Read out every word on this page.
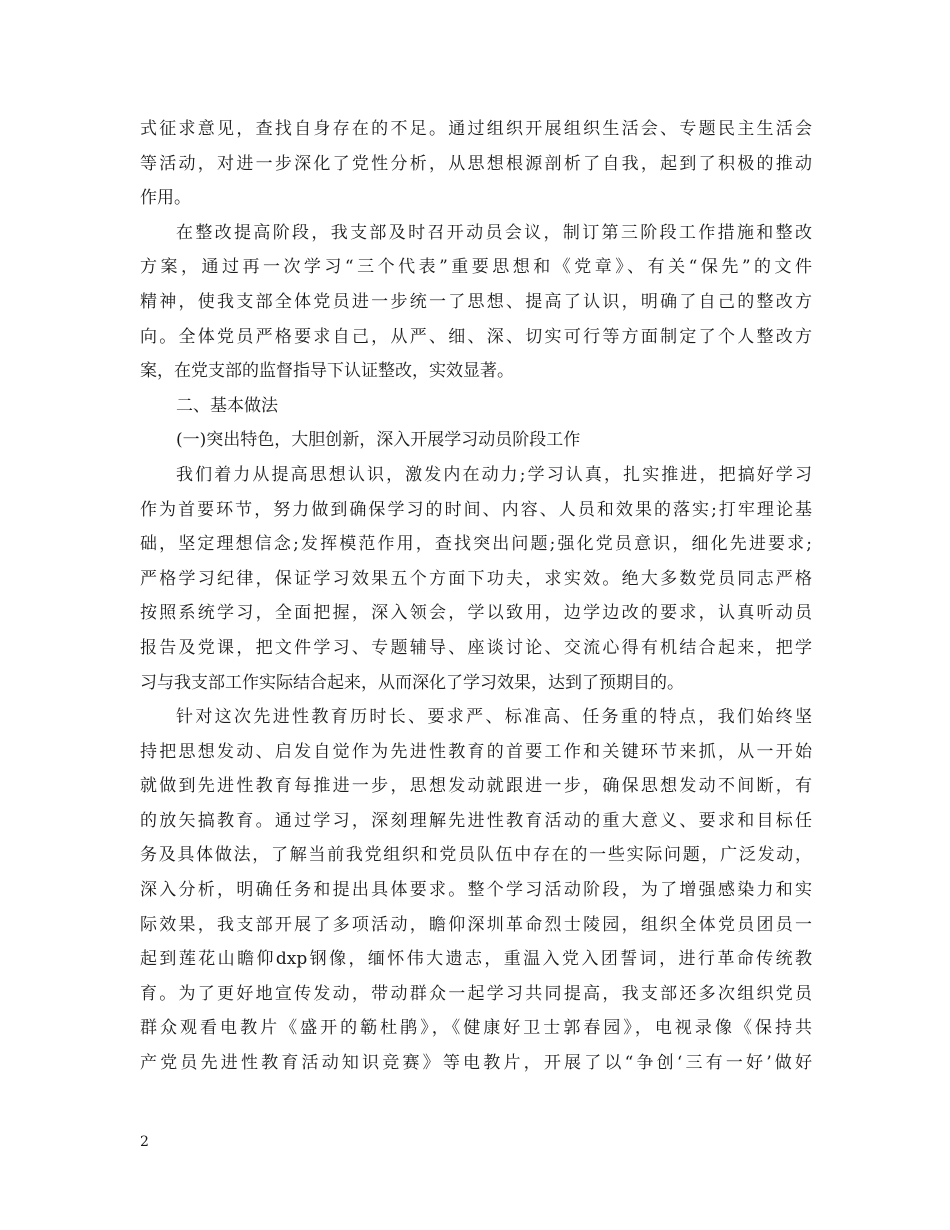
式征求意见，查找自身存在的不足。通过组织开展组织生活会、专题民主生活会
等活动，对进一步深化了党性分析，从思想根源剖析了自我，起到了积极的推动
作用。
在整改提高阶段，我支部及时召开动员会议，制订第三阶段工作措施和整改
方案，通过再一次学习“三个代表”重要思想和《党章》、有关“保先”的文件
精神，使我支部全体党员进一步统一了思想、提高了认识，明确了自己的整改方
向。全体党员严格要求自己，从严、细、深、切实可行等方面制定了个人整改方
案，在党支部的监督指导下认证整改，实效显著。
二、基本做法
(一)突出特色，大胆创新，深入开展学习动员阶段工作
我们着力从提高思想认识，激发内在动力;学习认真，扎实推进，把搞好学习
作为首要环节，努力做到确保学习的时间、内容、人员和效果的落实;打牢理论基
础，坚定理想信念;发挥模范作用，查找突出问题;强化党员意识，细化先进要求;
严格学习纪律，保证学习效果五个方面下功夫，求实效。绝大多数党员同志严格
按照系统学习，全面把握，深入领会，学以致用，边学边改的要求，认真听动员
报告及党课，把文件学习、专题辅导、座谈讨论、交流心得有机结合起来，把学
习与我支部工作实际结合起来，从而深化了学习效果，达到了预期目的。
针对这次先进性教育历时长、要求严、标准高、任务重的特点，我们始终坚
持把思想发动、启发自觉作为先进性教育的首要工作和关键环节来抓，从一开始
就做到先进性教育每推进一步，思想发动就跟进一步，确保思想发动不间断，有
的放矢搞教育。通过学习，深刻理解先进性教育活动的重大意义、要求和目标任
务及具体做法，了解当前我党组织和党员队伍中存在的一些实际问题，广泛发动，
深入分析，明确任务和提出具体要求。整个学习活动阶段，为了增强感染力和实
际效果，我支部开展了多项活动，瞻仰深圳革命烈士陵园，组织全体党员团员一
起到莲花山瞻仰dxp钢像，缅怀伟大遗志，重温入党入团誓词，进行革命传统教
育。为了更好地宣传发动，带动群众一起学习共同提高，我支部还多次组织党员
群众观看电教片《盛开的簕杜鹃》，《健康好卫士郭春园》，电视录像《保持共
产党员先进性教育活动知识竞赛》等电教片，开展了以“争创‘三有一好’做好
2
